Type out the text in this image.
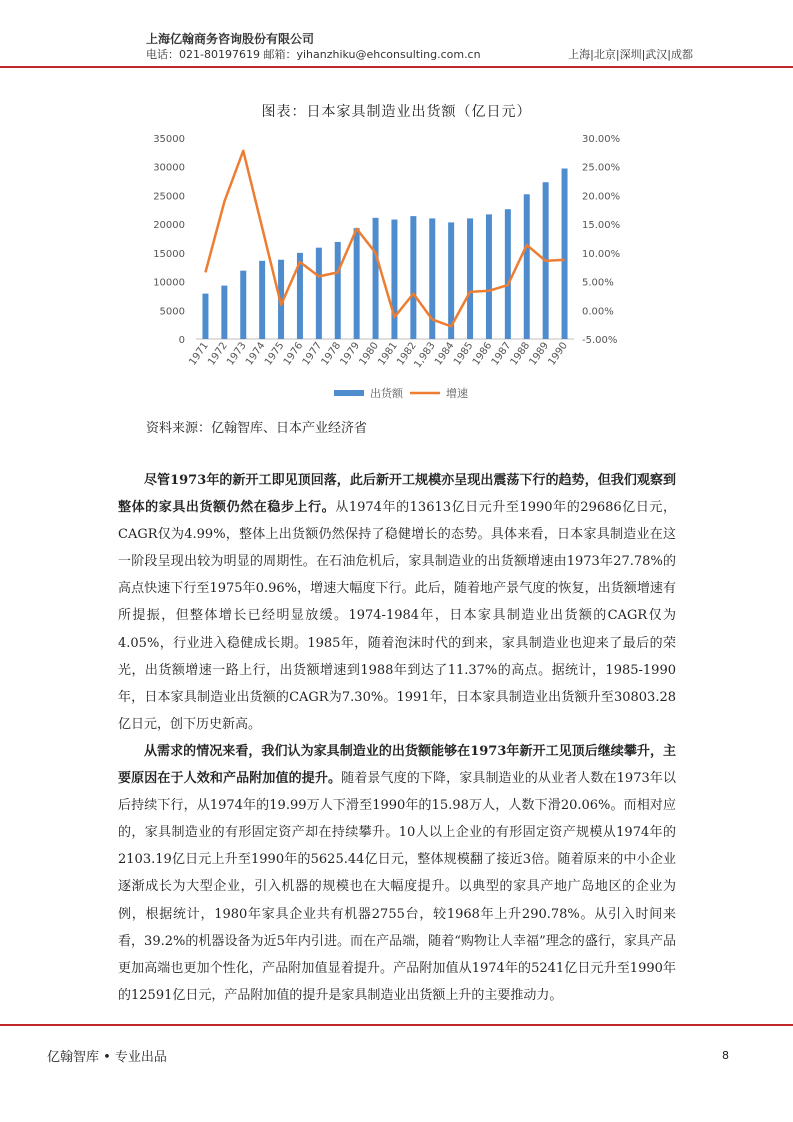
上海亿翰商务咨询股份有限公司
电话：021-80197619 邮箱：yihanzhiku@ehconsulting.com.cn	上海|北京|深圳|武汉|成都
图表：日本家具制造业出货额（亿日元）
0
5000
10000
15000
20000
25000
30000
35000
-5.00%
0.00%
5.00%
10.00%
15.00%
20.00%
25.00%
30.00%
1971
1972
1973
1974
1975
1976
1977
1978
1979
1980
1981
1982
1,983
1984
1985
1986
1987
1988
1989
1990
出货额	增速
资料来源：亿翰智库、日本产业经济省

尽管1973年的新开工即见顶回落，此后新开工规模亦呈现出震荡下行的趋势，但我们观察到整体的家具出货额仍然在稳步上行。从1974年的13613亿日元升至1990年的29686亿日元，CAGR仅为4.99%，整体上出货额仍然保持了稳健增长的态势。具体来看，日本家具制造业在这一阶段呈现出较为明显的周期性。在石油危机后，家具制造业的出货额增速由1973年27.78%的高点快速下行至1975年0.96%，增速大幅度下行。此后，随着地产景气度的恢复，出货额增速有所提振，但整体增长已经明显放缓。1974-1984年，日本家具制造业出货额的CAGR仅为4.05%，行业进入稳健成长期。1985年，随着泡沫时代的到来，家具制造业也迎来了最后的荣光，出货额增速一路上行，出货额增速到1988年到达了11.37%的高点。据统计，1985-1990年，日本家具制造业出货额的CAGR为7.30%。1991年，日本家具制造业出货额升至30803.28亿日元，创下历史新高。

从需求的情况来看，我们认为家具制造业的出货额能够在1973年新开工见顶后继续攀升，主要原因在于人效和产品附加值的提升。随着景气度的下降，家具制造业的从业者人数在1973年以后持续下行，从1974年的19.99万人下滑至1990年的15.98万人，人数下滑20.06%。而相对应的，家具制造业的有形固定资产却在持续攀升。10人以上企业的有形固定资产规模从1974年的2103.19亿日元上升至1990年的5625.44亿日元，整体规模翻了接近3倍。随着原来的中小企业逐渐成长为大型企业，引入机器的规模也在大幅度提升。以典型的家具产地广岛地区的企业为例，根据统计，1980年家具企业共有机器2755台，较1968年上升290.78%。从引入时间来看，39.2%的机器设备为近5年内引进。而在产品端，随着“购物让人幸福”理念的盛行，家具产品更加高端也更加个性化，产品附加值显着提升。产品附加值从1974年的5241亿日元升至1990年的12591亿日元，产品附加值的提升是家具制造业出货额上升的主要推动力。

亿翰智库 • 专业出品	8
